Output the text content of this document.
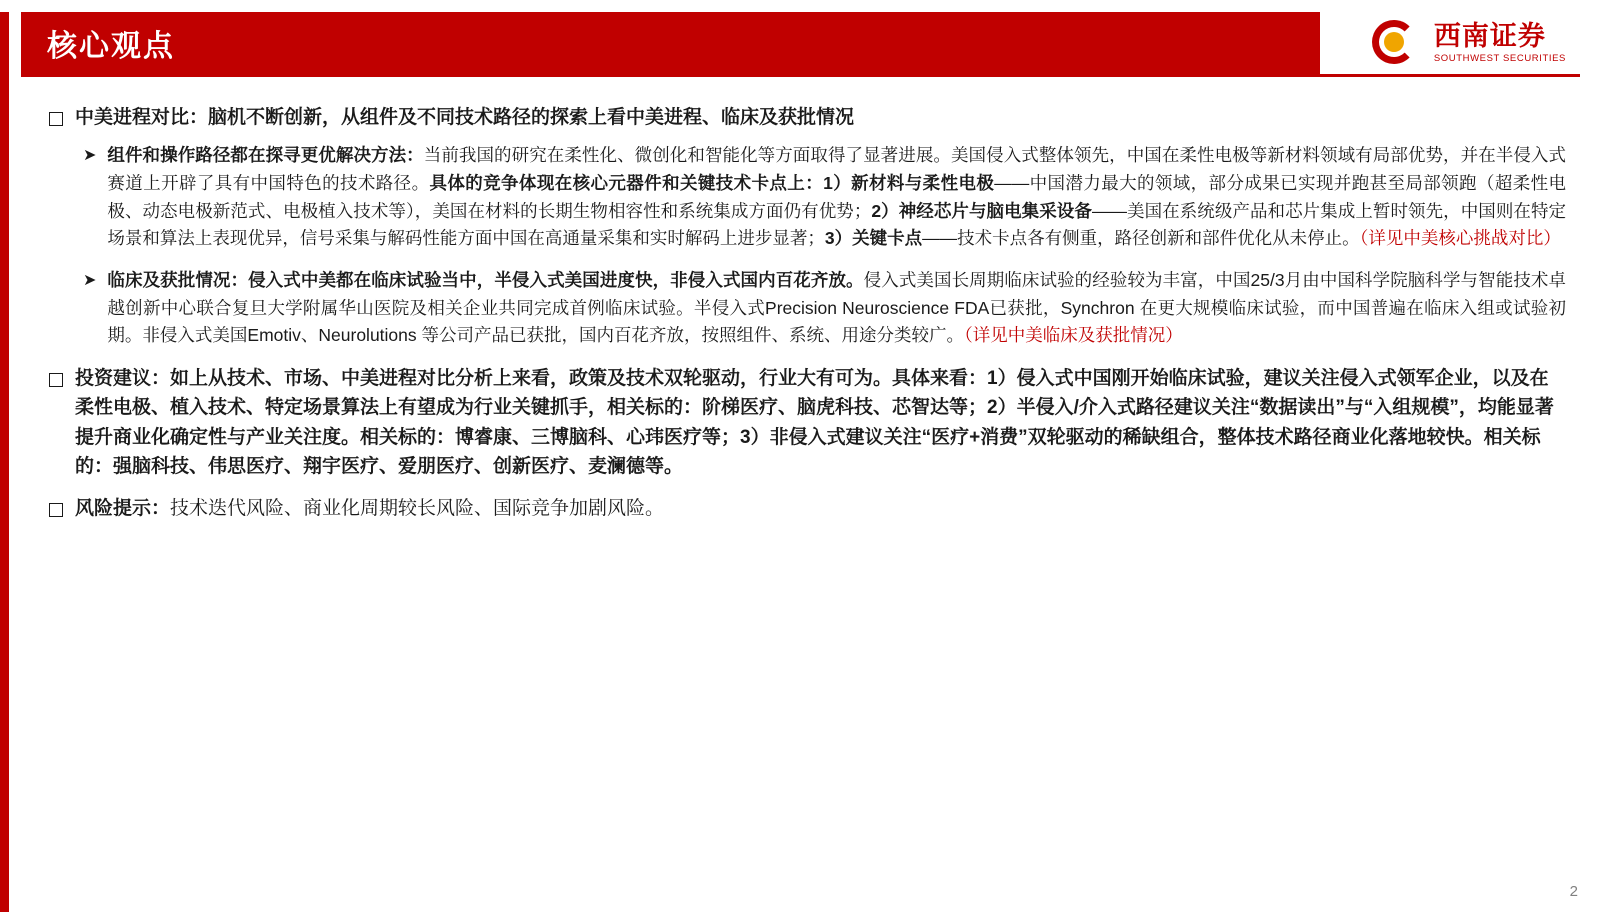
核心观点	西南证券
SOUTHWEST SECURITIES
中美进程对比：脑机不断创新，从组件及不同技术路径的探索上看中美进程、临床及获批情况
➤ 组件和操作路径都在探寻更优解决方法：当前我国的研究在柔性化、微创化和智能化等方面取得了显著进展。美国侵入式整体领先，中国在柔性电极等新材料领域有局部优势，并在半侵入式赛道上开辟了具有中国特色的技术路径。具体的竞争体现在核心元器件和关键技术卡点上：1）新材料与柔性电极——中国潜力最大的领域，部分成果已实现并跑甚至局部领跑（超柔性电极、动态电极新范式、电极植入技术等），美国在材料的长期生物相容性和系统集成方面仍有优势；2）神经芯片与脑电集采设备——美国在系统级产品和芯片集成上暂时领先，中国则在特定场景和算法上表现优异，信号采集与解码性能方面中国在高通量采集和实时解码上进步显著；3）关键卡点——技术卡点各有侧重，路径创新和部件优化从未停止。（详见中美核心挑战对比）
➤ 临床及获批情况：侵入式中美都在临床试验当中，半侵入式美国进度快，非侵入式国内百花齐放。侵入式美国长周期临床试验的经验较为丰富，中国25/3月由中国科学院脑科学与智能技术卓越创新中心联合复旦大学附属华山医院及相关企业共同完成首例临床试验。半侵入式Precision Neuroscience FDA已获批，Synchron 在更大规模临床试验，而中国普遍在临床入组或试验初期。非侵入式美国Emotiv、Neurolutions 等公司产品已获批，国内百花齐放，按照组件、系统、用途分类较广。（详见中美临床及获批情况）
投资建议：如上从技术、市场、中美进程对比分析上来看，政策及技术双轮驱动，行业大有可为。具体来看：1）侵入式中国刚开始临床试验，建议关注侵入式领军企业，以及在柔性电极、植入技术、特定场景算法上有望成为行业关键抓手，相关标的：阶梯医疗、脑虎科技、芯智达等；2）半侵入/介入式路径建议关注“数据读出”与“入组规模”，均能显著提升商业化确定性与产业关注度。相关标的：博睿康、三博脑科、心玮医疗等；3）非侵入式建议关注“医疗+消费”双轮驱动的稀缺组合，整体技术路径商业化落地较快。相关标的：强脑科技、伟思医疗、翔宇医疗、爱朋医疗、创新医疗、麦澜德等。
风险提示：技术迭代风险、商业化周期较长风险、国际竞争加剧风险。
2
